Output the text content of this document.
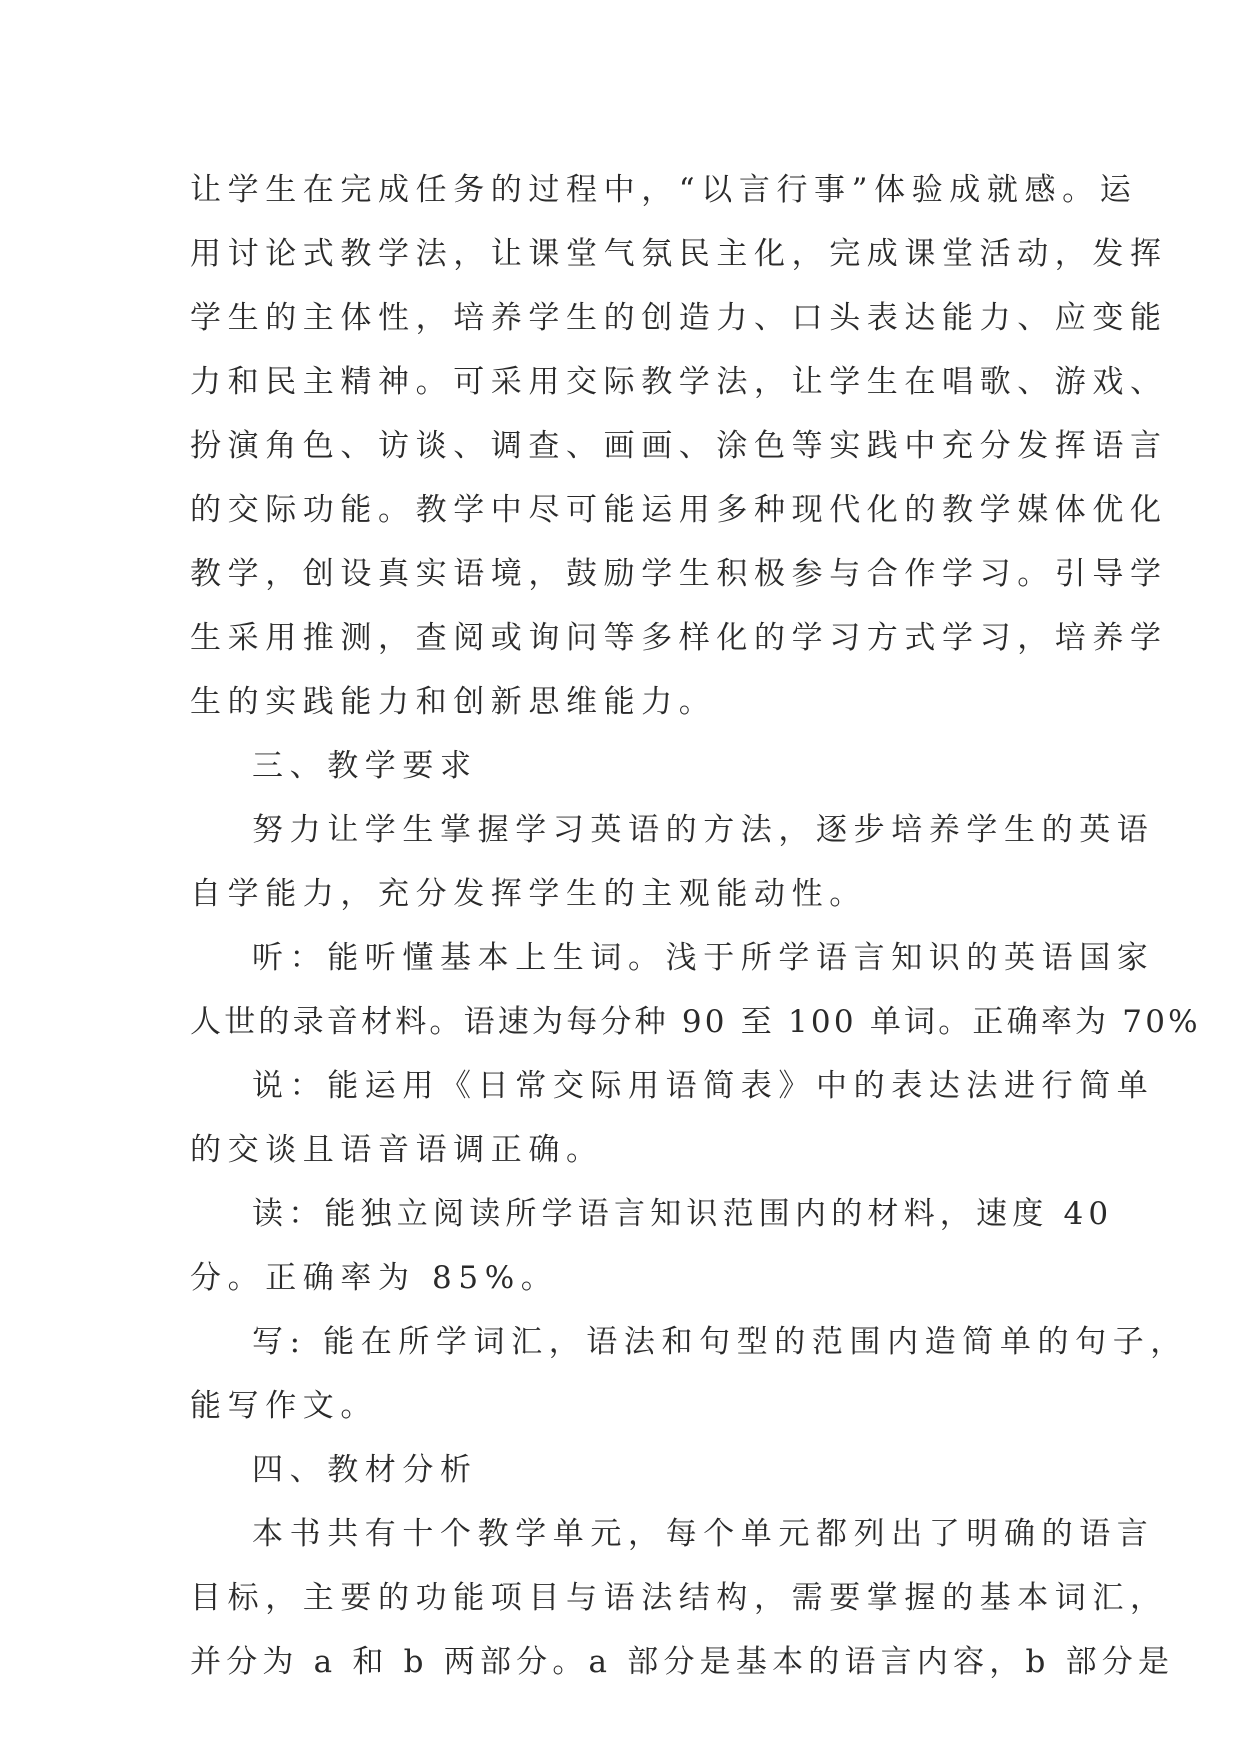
让学生在完成任务的过程中，“以言行事”体验成就感。运
用讨论式教学法，让课堂气氛民主化，完成课堂活动，发挥
学生的主体性，培养学生的创造力、口头表达能力、应变能
力和民主精神。可采用交际教学法，让学生在唱歌、游戏、
扮演角色、访谈、调查、画画、涂色等实践中充分发挥语言
的交际功能。教学中尽可能运用多种现代化的教学媒体优化
教学，创设真实语境，鼓励学生积极参与合作学习。引导学
生采用推测，查阅或询问等多样化的学习方式学习，培养学
生的实践能力和创新思维能力。
三、教学要求
努力让学生掌握学习英语的方法，逐步培养学生的英语
自学能力，充分发挥学生的主观能动性。
听：能听懂基本上生词。浅于所学语言知识的英语国家
人世的录音材料。语速为每分种 90 至 100 单词。正确率为 70%
说：能运用《日常交际用语简表》中的表达法进行简单
的交谈且语音语调正确。
读：能独立阅读所学语言知识范围内的材料，速度 40
分。正确率为 85%。
写: 能在所学词汇，语法和句型的范围内造简单的句子，
能写作文。
四、教材分析
本书共有十个教学单元，每个单元都列出了明确的语言
目标，主要的功能项目与语法结构，需要掌握的基本词汇，
并分为 a 和 b 两部分。a 部分是基本的语言内容，b 部分是
